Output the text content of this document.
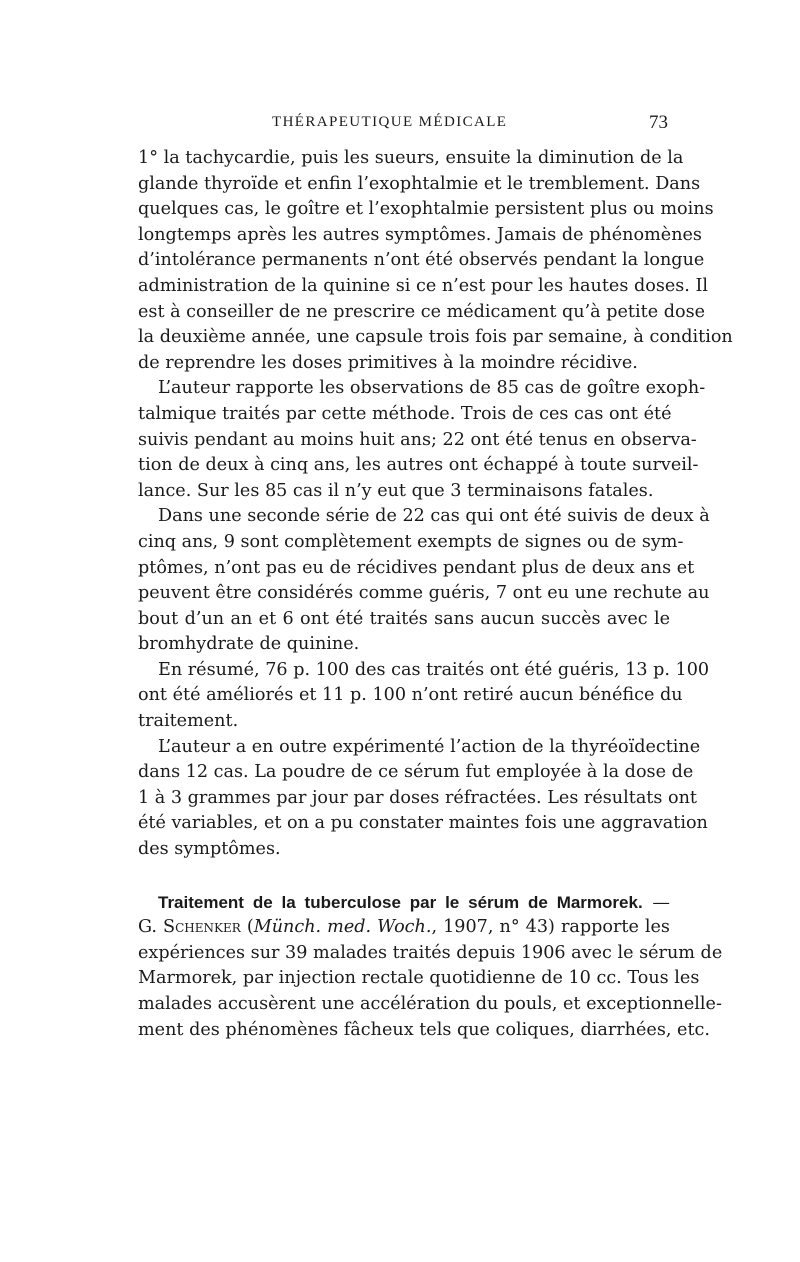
THÉRAPEUTIQUE MÉDICALE	73
1° la tachycardie, puis les sueurs, ensuite la diminution de la
glande thyroïde et enfin l’exophtalmie et le tremblement. Dans
quelques cas, le goître et l’exophtalmie persistent plus ou moins
longtemps après les autres symptômes. Jamais de phénomènes
d’intolérance permanents n’ont été observés pendant la longue
administration de la quinine si ce n’est pour les hautes doses. Il
est à conseiller de ne prescrire ce médicament qu’à petite dose
la deuxième année, une capsule trois fois par semaine, à condition
de reprendre les doses primitives à la moindre récidive.
L’auteur rapporte les observations de 85 cas de goître exoph-
talmique traités par cette méthode. Trois de ces cas ont été
suivis pendant au moins huit ans; 22 ont été tenus en observa-
tion de deux à cinq ans, les autres ont échappé à toute surveil-
lance. Sur les 85 cas il n’y eut que 3 terminaisons fatales.
Dans une seconde série de 22 cas qui ont été suivis de deux à
cinq ans, 9 sont complètement exempts de signes ou de sym-
ptômes, n’ont pas eu de récidives pendant plus de deux ans et
peuvent être considérés comme guéris, 7 ont eu une rechute au
bout d’un an et 6 ont été traités sans aucun succès avec le
bromhydrate de quinine.
En résumé, 76 p. 100 des cas traités ont été guéris, 13 p. 100
ont été améliorés et 11 p. 100 n’ont retiré aucun bénéfice du
traitement.
L’auteur a en outre expérimenté l’action de la thyréoïdectine
dans 12 cas. La poudre de ce sérum fut employée à la dose de
1 à 3 grammes par jour par doses réfractées. Les résultats ont
été variables, et on a pu constater maintes fois une aggravation
des symptômes.
Traitement de la tuberculose par le sérum de Marmorek. —
G. Schenker (Münch. med. Woch., 1907, n° 43) rapporte les
expériences sur 39 malades traités depuis 1906 avec le sérum de
Marmorek, par injection rectale quotidienne de 10 cc. Tous les
malades accusèrent une accélération du pouls, et exceptionnelle-
ment des phénomènes fâcheux tels que coliques, diarrhées, etc.
